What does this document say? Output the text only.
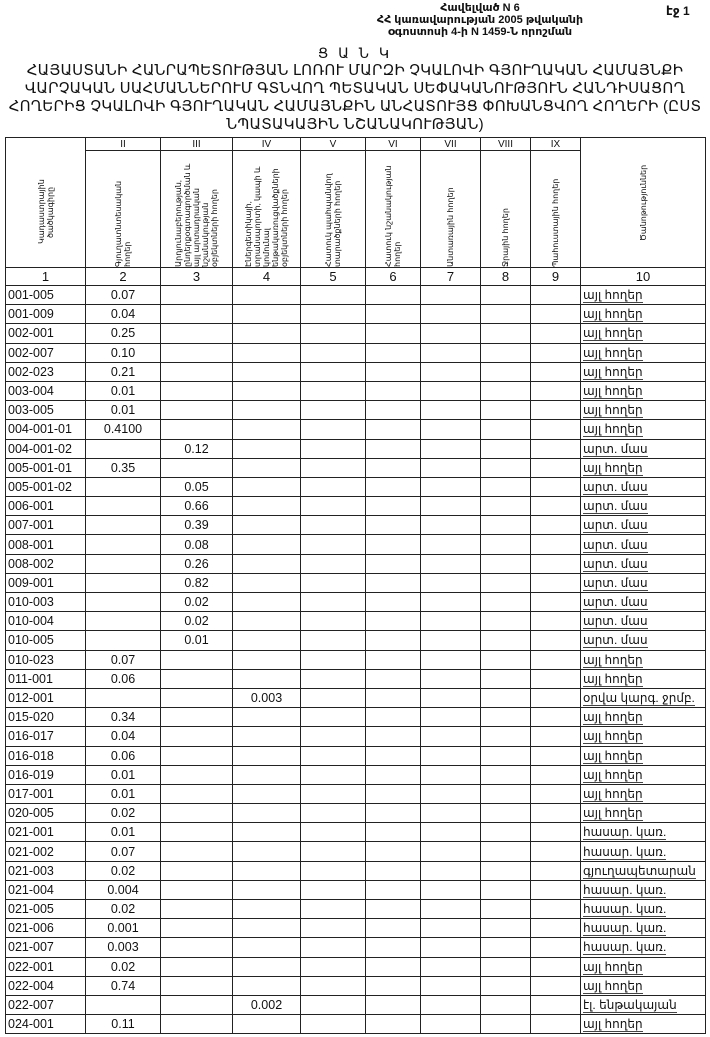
Հավելված N 6
ՀՀ կառավարության 2005 թվականի
օգոստոսի 4-ի N 1459-Ն որոշման
էջ 1
Ց Ա Ն Կ
ՀԱՅԱՍՏԱՆԻ ՀԱՆՐԱՊԵՏՈՒԹՅԱՆ ԼՈՌՈՒ ՄԱՐԶԻ ՉԿԱԼՈՎԻ ԳՅՈՒՂԱԿԱՆ ՀԱՄԱՅՆՔԻ ՎԱՐՉԱԿԱՆ ՍԱՀՄԱՆՆԵՐՈՒՄ ԳՏՆՎՈՂ ՊԵՏԱԿԱՆ ՍԵՓԱԿԱՆՈՒԹՅՈՒՆ ՀԱՆԴԻՍԱՑՈՂ ՀՈՂԵՐԻՑ ՉԿԱԼՈՎԻ ԳՅՈՒՂԱԿԱՆ ՀԱՄԱՅՆՔԻՆ ԱՆՀԱՏՈՒՅՑ ՓՈԽԱՆՑՎՈՂ ՀՈՂԵՐԻ (ԸՍՏ ՆՊԱՏԱԿԱՅԻՆ ՆՇԱՆԱԿՈՒԹՅԱՆ)
Կադաստրային ծածկագիրը	II	III	IV	V	VI	VII	VIII	IX	Ծանոթություններ

	Գյուղատնտեսական հողեր	Արդյունաբերության, ընդերքօգտագործման և այլ արտադրական նշանակության օբյեկտների հողեր	Էներգետիկայի, տրանսպորտի, կապի և կոմունալ ենթակառուցվածքների օբյեկտների հողեր	Հատուկ պահպանվող տարածքների հողեր	Հատուկ նշանակության հողեր	Անտառային հողեր	Ջրային հողեր	Պահուստային հողեր	

1	2	3	4	5	6	7	8	9	10
001-005	0.07								այլ հողեր
001-009	0.04								այլ հողեր
002-001	0.25								այլ հողեր
002-007	0.10								այլ հողեր
002-023	0.21								այլ հողեր
003-004	0.01								այլ հողեր
003-005	0.01								այլ հողեր
004-001-01	0.4100								այլ հողեր
004-001-02		0.12							արտ. մաս
005-001-01	0.35								այլ հողեր
005-001-02		0.05							արտ. մաս
006-001		0.66							արտ. մաս
007-001		0.39							արտ. մաս
008-001		0.08							արտ. մաս
008-002		0.26							արտ. մաս
009-001		0.82							արտ. մաս
010-003		0.02							արտ. մաս
010-004		0.02							արտ. մաս
010-005		0.01							արտ. մաս
010-023	0.07								այլ հողեր
011-001	0.06								այլ հողեր
012-001			0.003						օրվա կարգ. ջրմբ.
015-020	0.34								այլ հողեր
016-017	0.04								այլ հողեր
016-018	0.06								այլ հողեր
016-019	0.01								այլ հողեր
017-001	0.01								այլ հողեր
020-005	0.02								այլ հողեր
021-001	0.01								հասար. կառ.
021-002	0.07								հասար. կառ.
021-003	0.02								գյուղապետարան
021-004	0.004								հասար. կառ.
021-005	0.02								հասար. կառ.
021-006	0.001								հասար. կառ.
021-007	0.003								հասար. կառ.
022-001	0.02								այլ հողեր
022-004	0.74								այլ հողեր
022-007			0.002						էլ. ենթակայան
024-001	0.11								այլ հողեր
